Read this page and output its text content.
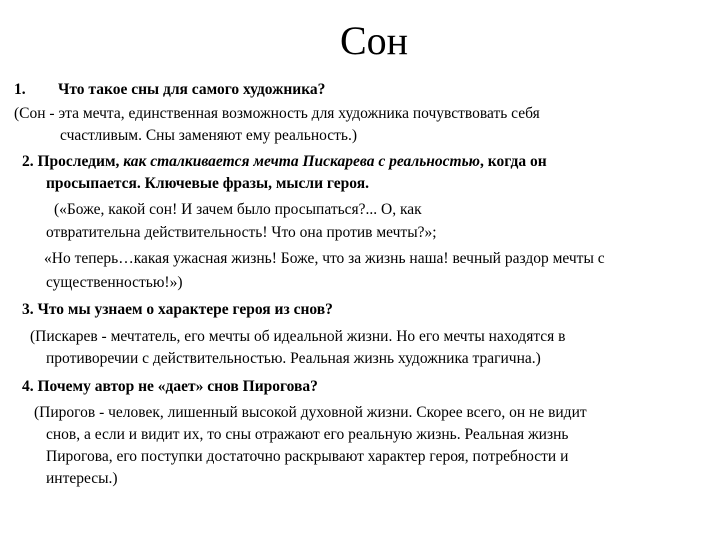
Сон
1. Что такое сны для самого художника?
(Сон - эта мечта, единственная возможность для художника почувствовать себя
счастливым. Сны заменяют ему реальность.)
2. Проследим, как сталкивается мечта Пискарева с реальностью, когда он
просыпается. Ключевые фразы, мысли героя.
(«Боже, какой сон! И зачем было просыпаться?... О, как
отвратительна действительность! Что она против мечты?»;
«Но теперь…какая ужасная жизнь! Боже, что за жизнь наша! вечный раздор мечты с
существенностью!»)
3. Что мы узнаем о характере героя из снов?
(Пискарев - мечтатель, его мечты об идеальной жизни. Но его мечты находятся в
противоречии с действительностью. Реальная жизнь художника трагична.)
4. Почему автор не «дает» снов Пирогова?
(Пирогов - человек, лишенный высокой духовной жизни. Скорее всего, он не видит
снов, а если и видит их, то сны отражают его реальную жизнь. Реальная жизнь
Пирогова, его поступки достаточно раскрывают характер героя, потребности и
интересы.)
